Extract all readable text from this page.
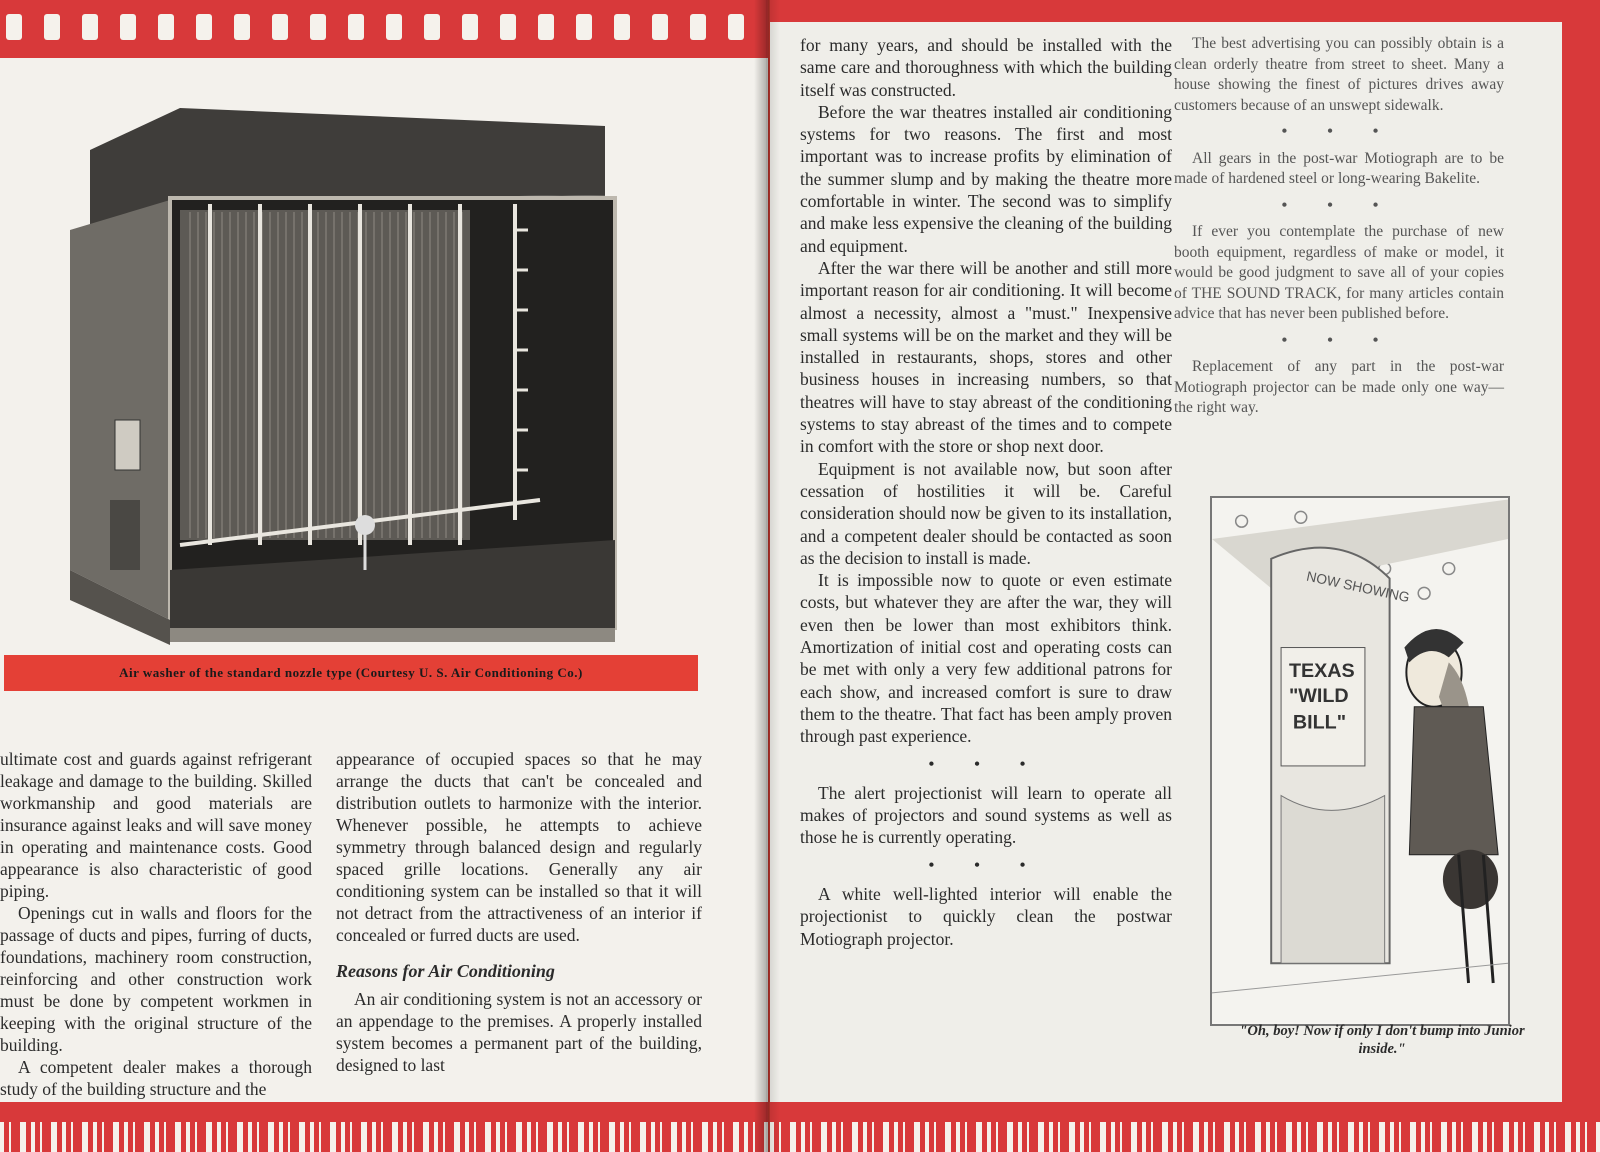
Air washer of the standard nozzle type (Courtesy U. S. Air Conditioning Co.)

ultimate cost and guards against refrigerant leakage and damage to the building. Skilled workmanship and good materials are insurance against leaks and will save money in operating and maintenance costs. Good appearance is also characteristic of good piping.

Openings cut in walls and floors for the passage of ducts and pipes, furring of ducts, foundations, machinery room construction, reinforcing and other construction work must be done by competent workmen in keeping with the original structure of the building.

A competent dealer makes a thorough study of the building structure and the

appearance of occupied spaces so that he may arrange the ducts that can't be concealed and distribution outlets to harmonize with the interior. Whenever possible, he attempts to achieve symmetry through balanced design and regularly spaced grille locations. Generally any air conditioning system can be installed so that it will not detract from the attractiveness of an interior if concealed or furred ducts are used.

Reasons for Air Conditioning

An air conditioning system is not an accessory or an appendage to the premises. A properly installed system becomes a permanent part of the building, designed to last

for many years, and should be installed with the same care and thoroughness with which the building itself was constructed.

Before the war theatres installed air conditioning systems for two reasons. The first and most important was to increase profits by elimination of the summer slump and by making the theatre more comfortable in winter. The second was to simplify and make less expensive the cleaning of the building and equipment.

After the war there will be another and still more important reason for air conditioning. It will become almost a necessity, almost a "must." Inexpensive small systems will be on the market and they will be installed in restaurants, shops, stores and other business houses in increasing numbers, so that theatres will have to stay abreast of the conditioning systems to stay abreast of the times and to compete in comfort with the store or shop next door.

Equipment is not available now, but soon after cessation of hostilities it will be. Careful consideration should now be given to its installation, and a competent dealer should be contacted as soon as the decision to install is made.

It is impossible now to quote or even estimate costs, but whatever they are after the war, they will even then be lower than most exhibitors think. Amortization of initial cost and operating costs can be met with only a very few additional patrons for each show, and increased comfort is sure to draw them to the theatre. That fact has been amply proven through past experience.

• • •

The alert projectionist will learn to operate all makes of projectors and sound systems as well as those he is currently operating.

• • •

A white well-lighted interior will enable the projectionist to quickly clean the postwar Motiograph projector.

The best advertising you can possibly obtain is a clean orderly theatre from street to sheet. Many a house showing the finest of pictures drives away customers because of an unswept sidewalk.

• • •

All gears in the post-war Motiograph are to be made of hardened steel or long-wearing Bakelite.

• • •

If ever you contemplate the purchase of new booth equipment, regardless of make or model, it would be good judgment to save all of your copies of THE SOUND TRACK, for many articles contain advice that has never been published before.

• • •

Replacement of any part in the post-war Motiograph projector can be made only one way—the right way.

NOW SHOWING
TEXAS
"WILD
BILL"
"Oh, boy! Now if only I don't bump into Junior inside."
